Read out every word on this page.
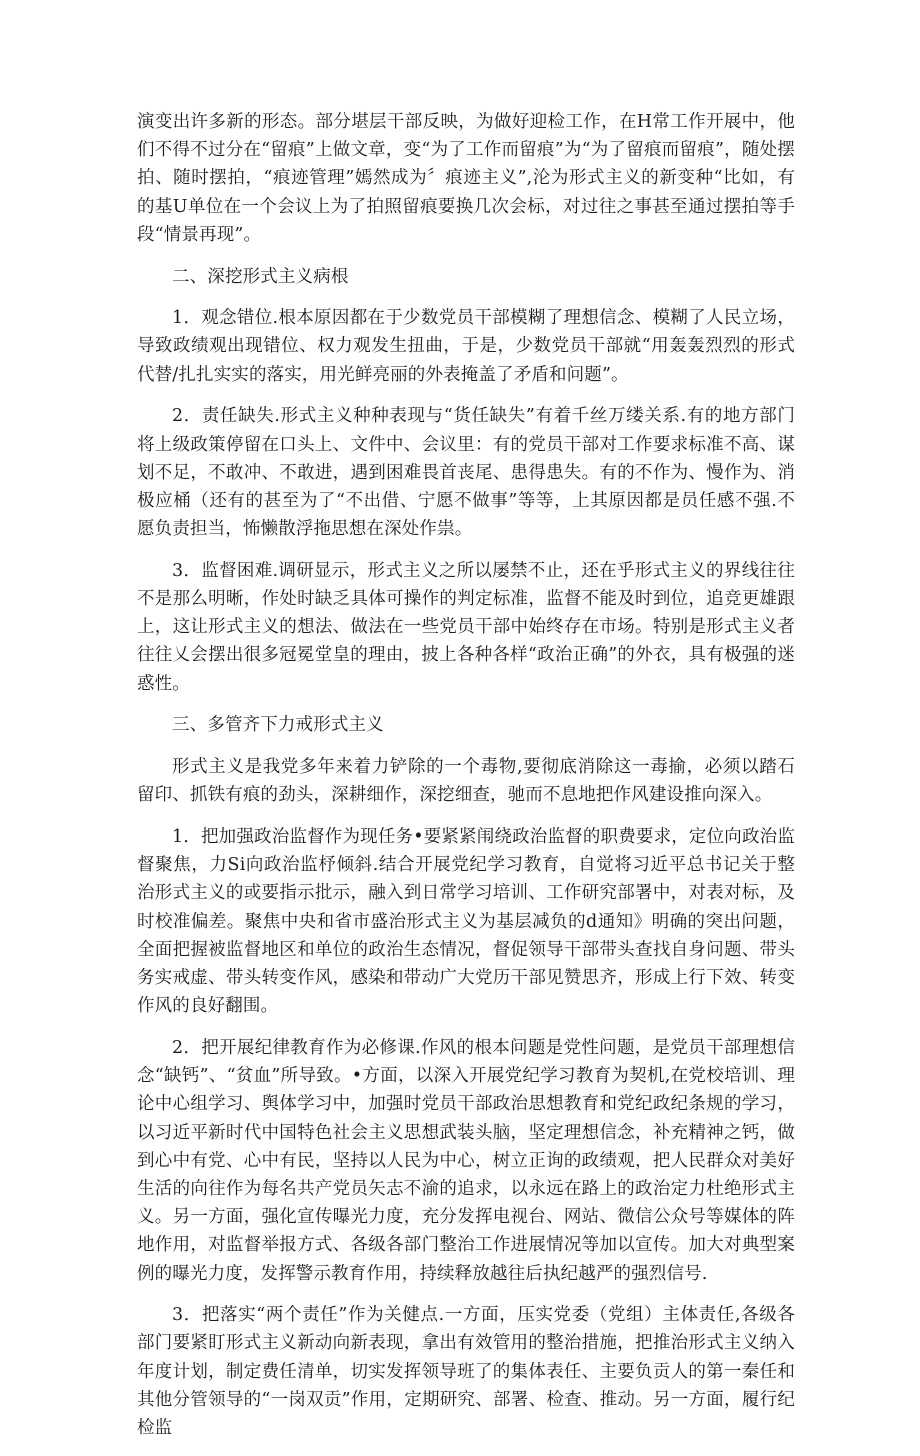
演变出许多新的形态。部分堪层干部反映，为做好迎检工作，在H常工作开展中，他们不得不过分在“留痕”上做文章，变“为了工作而留痕”为“为了留痕而留痕”，随处摆拍、随时摆拍，“痕迹管理”嫣然成为〞痕迹主义”,沦为形式主义的新变种“比如，有的基U单位在一个会议上为了拍照留痕要换几次会标，对过往之事甚至通过摆拍等手段“情景再现”。

二、深挖形式主义病根

1．观念错位.根本原因都在于少数党员干部模糊了理想信念、模糊了人民立场，导致政绩观出现错位、权力观发生扭曲，于是，少数党员干部就“用轰轰烈烈的形式代替/扎扎实实的落实，用光鲜亮丽的外表掩盖了矛盾和问题”。

2．责任缺失.形式主义种种表现与“货任缺失”有着千丝万缕关系.有的地方部门将上级政策停留在口头上、文件中、会议里：有的党员干部对工作要求标准不高、谋划不足，不敢冲、不敢进，遇到困难畏首丧尾、患得患失。有的不作为、慢作为、消极应桶（还有的甚至为了“不出借、宁愿不做事”等等，上其原因都是员任感不强.不愿负责担当，怖懒散浮拖思想在深处作祟。

3．监督困难.调研显示，形式主义之所以屡禁不止，还在乎形式主义的界线往往不是那么明晰，作处时缺乏具体可操作的判定标准，监督不能及时到位，追竞更雄跟上，这让形式主义的想法、做法在一些党员干部中始终存在市场。特别是形式主义者往往乂会摆出很多冠冕堂皇的理由，披上各种各样“政治正确”的外衣，具有极强的迷惑性。

三、多管齐下力戒形式主义

形式主义是我党多年来着力铲除的一个毒物,要彻底消除这一毒揄，必须以踏石留印、抓铁有痕的劲头，深耕细作，深挖细查，驰而不息地把作风建设推向深入。

1．把加强政治监督作为现任务•要紧紧闱绕政治监督的职费要求，定位向政治监督聚焦，力Si向政治监杼倾斜.结合开展党纪学习教育，自觉将习近平总书记关于整治形式主义的或要指示批示，融入到日常学习培训、工作研究部署中，对表对标，及时校准偏差。聚焦中央和省市盛治形式主义为基层减负的d通知》明确的突出问题，全面把握被监督地区和单位的政治生态情况，督促领导干部带头查找自身问题、带头务实戒虚、带头转变作风，感染和带动广大党历干部见赞思齐，形成上行下效、转变作风的良好翻围。

2．把开展纪律教育作为必修课.作风的根本问题是党性问题，是党员干部理想信念“缺钙”、“贫血”所导致。•方面，以深入开展党纪学习教育为契机,在党校培训、理论中心组学习、舆体学习中，加强时党员干部政治思想教育和党纪政纪条规的学习，以习近平新时代中国特色社会主义思想武装头脑，坚定理想信念，补充精神之钙，做到心中有党、心中有民，坚持以人民为中心，树立正询的政绩观，把人民群众对美好生活的向往作为每名共产党员矢志不渝的追求，以永远在路上的政治定力杜绝形式主义。另一方面，强化宣传曝光力度，充分发挥电视台、网站、微信公众号等媒体的阵地作用，对监督举报方式、各级各部门整治工作进展情况等加以宣传。加大对典型案例的曝光力度，发挥警示教育作用，持续释放越往后执纪越严的强烈信号.

3．把落实“两个责任”作为关健点.一方面，压实党委（党组）主体责任,各级各部门要紧盯形式主义新动向新表现，拿出有效管用的整治措施，把推治形式主义纳入年度计划，制定费任清单，切实发挥领导班了的集体表任、主要负贡人的第一秦任和其他分管领导的“一岗双贡”作用，定期研究、部署、检查、推动。另一方面，履行纪检监
